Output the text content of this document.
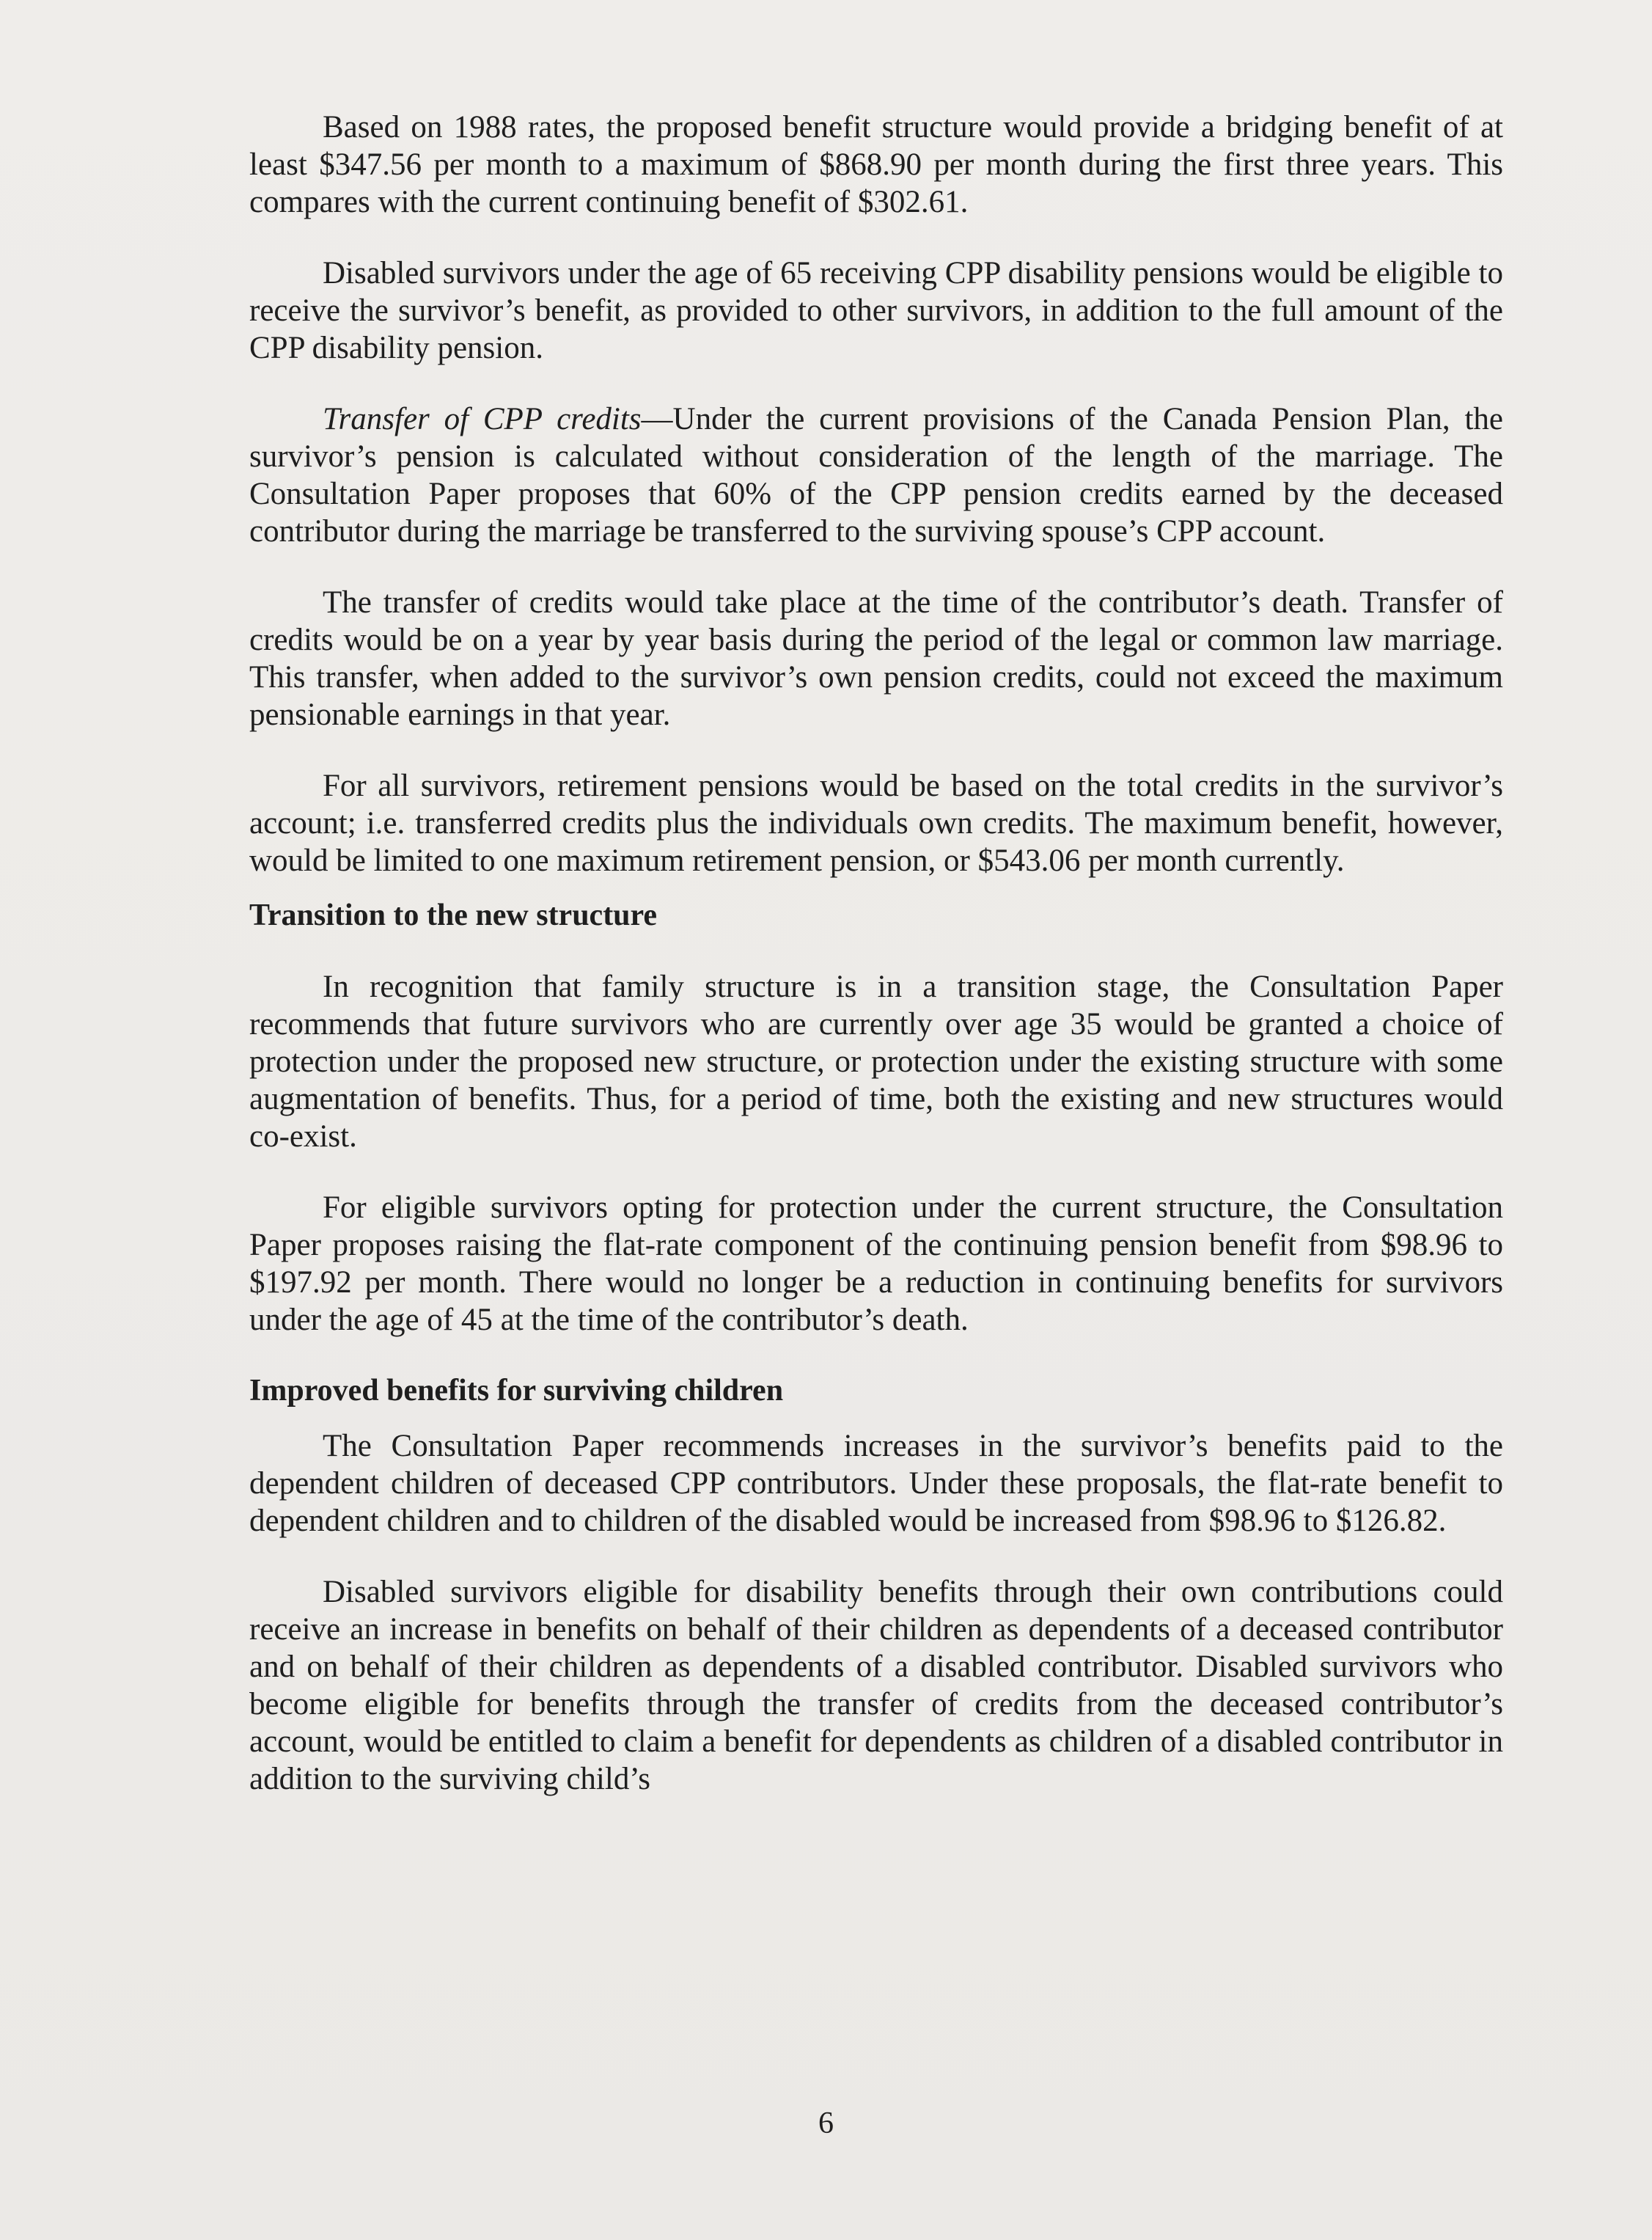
Based on 1988 rates, the proposed benefit structure would provide a bridging benefit of at least $347.56 per month to a maximum of $868.90 per month during the first three years. This compares with the current continuing benefit of $302.61.

Disabled survivors under the age of 65 receiving CPP disability pensions would be eligible to receive the survivor’s benefit, as provided to other survivors, in addition to the full amount of the CPP disability pension.

Transfer of CPP credits—Under the current provisions of the Canada Pension Plan, the survivor’s pension is calculated without consideration of the length of the marriage. The Consultation Paper proposes that 60% of the CPP pension credits earned by the deceased contributor during the marriage be transferred to the surviving spouse’s CPP account.

The transfer of credits would take place at the time of the contributor’s death. Transfer of credits would be on a year by year basis during the period of the legal or common law marriage. This transfer, when added to the survivor’s own pension credits, could not exceed the maximum pensionable earnings in that year.

For all survivors, retirement pensions would be based on the total credits in the survivor’s account; i.e. transferred credits plus the individuals own credits. The maximum benefit, however, would be limited to one maximum retirement pension, or $543.06 per month currently.

Transition to the new structure

In recognition that family structure is in a transition stage, the Consultation Paper recommends that future survivors who are currently over age 35 would be granted a choice of protection under the proposed new structure, or protection under the existing structure with some augmentation of benefits. Thus, for a period of time, both the existing and new structures would co-exist.

For eligible survivors opting for protection under the current structure, the Consultation Paper proposes raising the flat-rate component of the continuing pension benefit from $98.96 to $197.92 per month. There would no longer be a reduction in continuing benefits for survivors under the age of 45 at the time of the contributor’s death.

Improved benefits for surviving children

The Consultation Paper recommends increases in the survivor’s benefits paid to the dependent children of deceased CPP contributors. Under these proposals, the flat-rate benefit to dependent children and to children of the disabled would be increased from $98.96 to $126.82.

Disabled survivors eligible for disability benefits through their own contributions could receive an increase in benefits on behalf of their children as dependents of a deceased contributor and on behalf of their children as dependents of a disabled contributor. Disabled survivors who become eligible for benefits through the transfer of credits from the deceased contributor’s account, would be entitled to claim a benefit for dependents as children of a disabled contributor in addition to the surviving child’s

6
